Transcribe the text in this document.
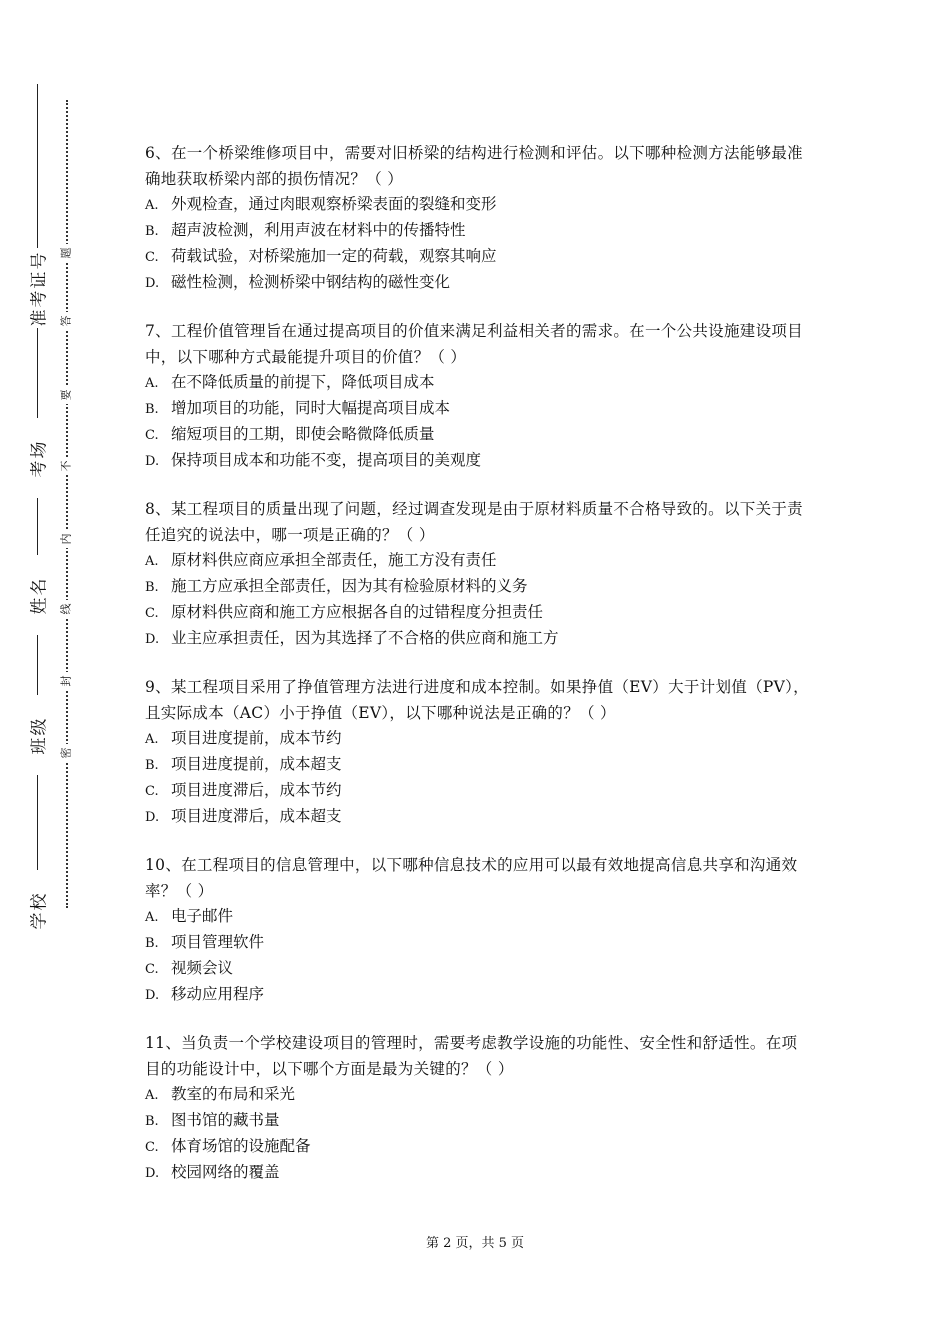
准考证号
考场
姓名
班级
学校
题
答
要
不
内
线
封
密
6、在一个桥梁维修项目中，需要对旧桥梁的结构进行检测和评估。以下哪种检测方法能够最准确地获取桥梁内部的损伤情况？（ ）
A. 外观检查，通过肉眼观察桥梁表面的裂缝和变形
B. 超声波检测，利用声波在材料中的传播特性
C. 荷载试验，对桥梁施加一定的荷载，观察其响应
D. 磁性检测，检测桥梁中钢结构的磁性变化
7、工程价值管理旨在通过提高项目的价值来满足利益相关者的需求。在一个公共设施建设项目中，以下哪种方式最能提升项目的价值？（ ）
A. 在不降低质量的前提下，降低项目成本
B. 增加项目的功能，同时大幅提高项目成本
C. 缩短项目的工期，即使会略微降低质量
D. 保持项目成本和功能不变，提高项目的美观度
8、某工程项目的质量出现了问题，经过调查发现是由于原材料质量不合格导致的。以下关于责任追究的说法中，哪一项是正确的？（ ）
A. 原材料供应商应承担全部责任，施工方没有责任
B. 施工方应承担全部责任，因为其有检验原材料的义务
C. 原材料供应商和施工方应根据各自的过错程度分担责任
D. 业主应承担责任，因为其选择了不合格的供应商和施工方
9、某工程项目采用了挣值管理方法进行进度和成本控制。如果挣值（EV）大于计划值（PV），且实际成本（AC）小于挣值（EV），以下哪种说法是正确的？（ ）
A. 项目进度提前，成本节约
B. 项目进度提前，成本超支
C. 项目进度滞后，成本节约
D. 项目进度滞后，成本超支
10、在工程项目的信息管理中，以下哪种信息技术的应用可以最有效地提高信息共享和沟通效率？（ ）
A. 电子邮件
B. 项目管理软件
C. 视频会议
D. 移动应用程序
11、当负责一个学校建设项目的管理时，需要考虑教学设施的功能性、安全性和舒适性。在项目的功能设计中，以下哪个方面是最为关键的？（ ）
A. 教室的布局和采光
B. 图书馆的藏书量
C. 体育场馆的设施配备
D. 校园网络的覆盖
第 2 页，共 5 页
